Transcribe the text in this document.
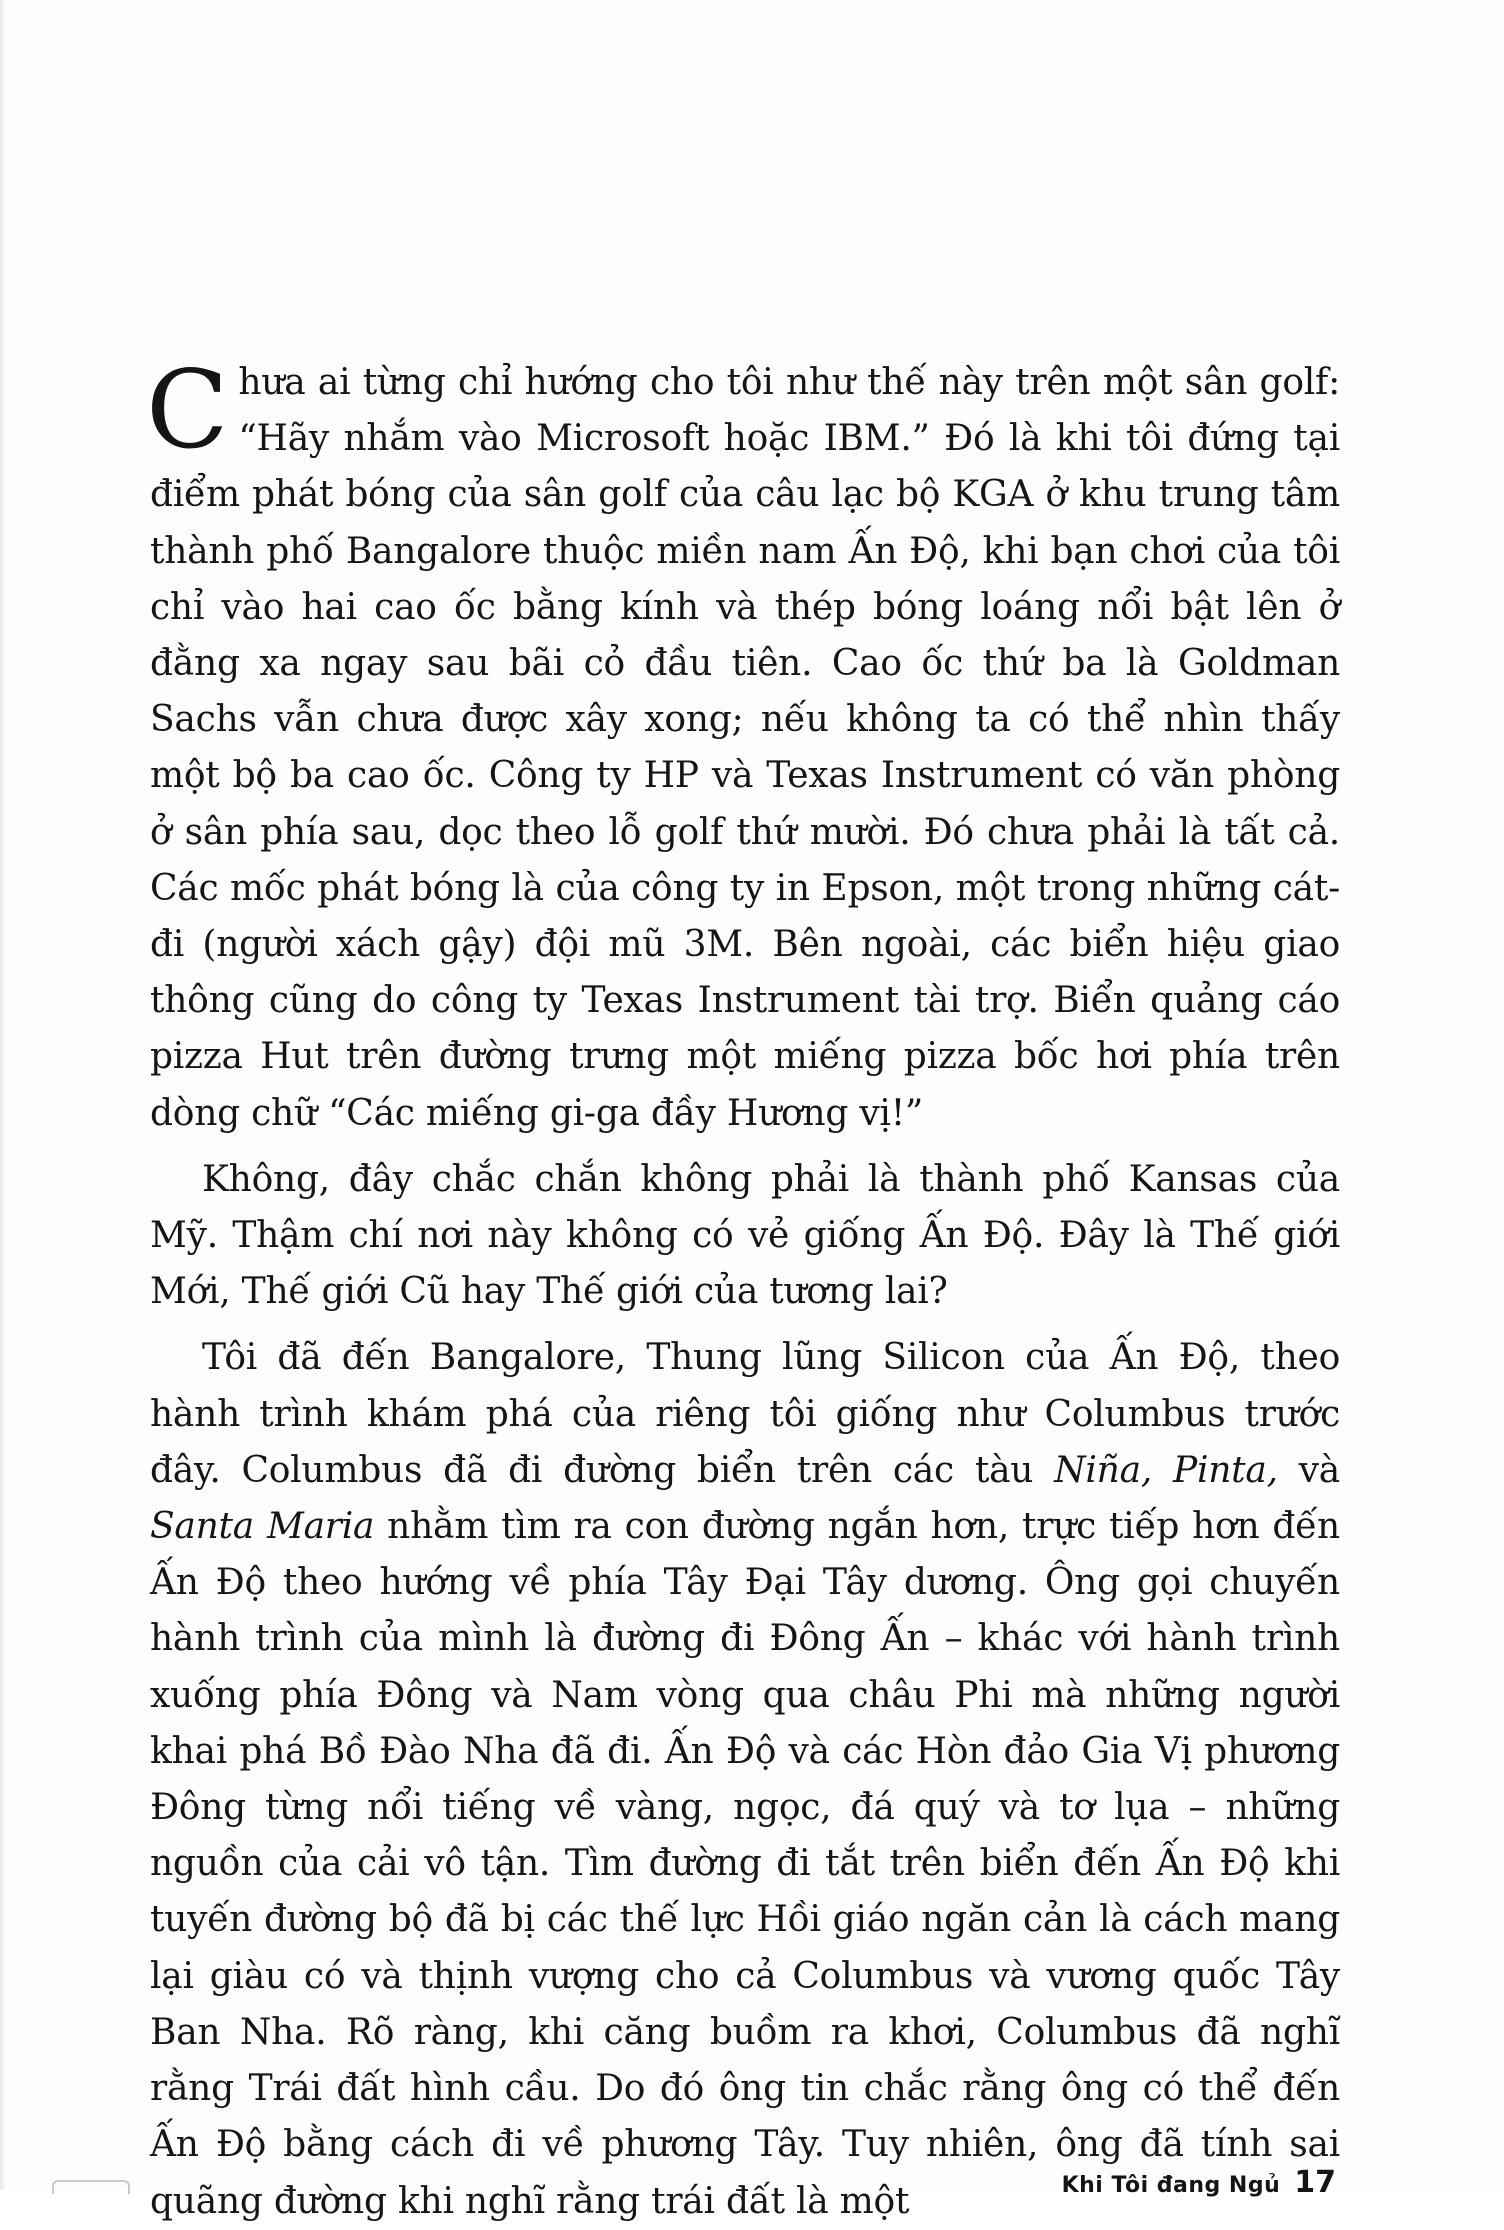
Chưa ai từng chỉ hướng cho tôi như thế này trên một sân golf: “Hãy nhắm vào Microsoft hoặc IBM.” Đó là khi tôi đứng tại điểm phát bóng của sân golf của câu lạc bộ KGA ở khu trung tâm thành phố Bangalore thuộc miền nam Ấn Độ, khi bạn chơi của tôi chỉ vào hai cao ốc bằng kính và thép bóng loáng nổi bật lên ở đằng xa ngay sau bãi cỏ đầu tiên. Cao ốc thứ ba là Goldman Sachs vẫn chưa được xây xong; nếu không ta có thể nhìn thấy một bộ ba cao ốc. Công ty HP và Texas Instrument có văn phòng ở sân phía sau, dọc theo lỗ golf thứ mười. Đó chưa phải là tất cả. Các mốc phát bóng là của công ty in Epson, một trong những cát-đi (người xách gậy) đội mũ 3M. Bên ngoài, các biển hiệu giao thông cũng do công ty Texas Instrument tài trợ. Biển quảng cáo pizza Hut trên đường trưng một miếng pizza bốc hơi phía trên dòng chữ “Các miếng gi-ga đầy Hương vị!”

Không, đây chắc chắn không phải là thành phố Kansas của Mỹ. Thậm chí nơi này không có vẻ giống Ấn Độ. Đây là Thế giới Mới, Thế giới Cũ hay Thế giới của tương lai?

Tôi đã đến Bangalore, Thung lũng Silicon của Ấn Độ, theo hành trình khám phá của riêng tôi giống như Columbus trước đây. Columbus đã đi đường biển trên các tàu Niña, Pinta, và Santa Maria nhằm tìm ra con đường ngắn hơn, trực tiếp hơn đến Ấn Độ theo hướng về phía Tây Đại Tây dương. Ông gọi chuyến hành trình của mình là đường đi Đông Ấn – khác với hành trình xuống phía Đông và Nam vòng qua châu Phi mà những người khai phá Bồ Đào Nha đã đi. Ấn Độ và các Hòn đảo Gia Vị phương Đông từng nổi tiếng về vàng, ngọc, đá quý và tơ lụa – những nguồn của cải vô tận. Tìm đường đi tắt trên biển đến Ấn Độ khi tuyến đường bộ đã bị các thế lực Hồi giáo ngăn cản là cách mang lại giàu có và thịnh vượng cho cả Columbus và vương quốc Tây Ban Nha. Rõ ràng, khi căng buồm ra khơi, Columbus đã nghĩ rằng Trái đất hình cầu. Do đó ông tin chắc rằng ông có thể đến Ấn Độ bằng cách đi về phương Tây. Tuy nhiên, ông đã tính sai quãng đường khi nghĩ rằng trái đất là một	Khi Tôi đang Ngủ 17
